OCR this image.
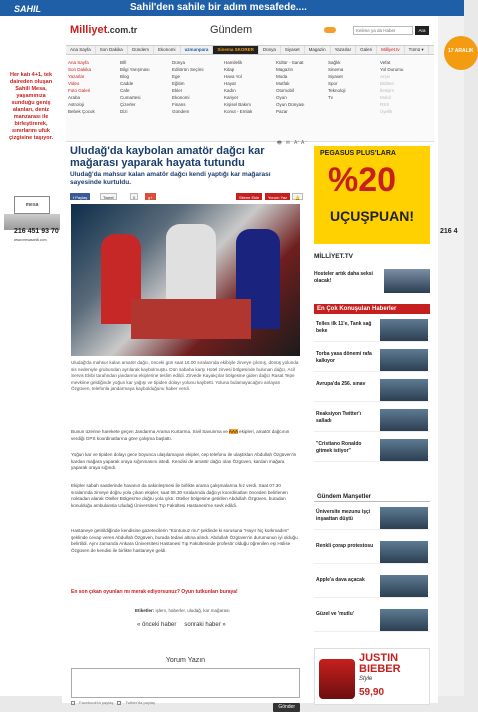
SAHIL	Sahil'den sahile bir adım mesafede....
Her katı 4+1, tek daireden oluşan Sahill Mesa, yaşamınıza sunduğu geniş alanları, deniz manzarası ile birleştirerek, sınırlarını ufuk çizgisine taşıyor.
mesa
216 451 93 70
www.mesasahill.com
17 ARALIK
216 4
Milliyet.com.tr	Gündem
Kelime ya da Haber	Ara
Ana Sayfa	Son Dakika	Gündem	Ekonomi	uzmanpara	Sinema SKORER	Dünya	Siyaset	Magazin	Yazarlar	Galeri	Milliyet.tv	Tümü ▾
Ana Sayfa
Son Dakika
Yazarlar
Video
Foto Galeri
Araba
Astroloji
Bebek Çocuk
Bİlİ
Bilgi Yarışması
Blog
Cadde
Cafe
Cumartesi
Çizerler
Dizi
Dünya
Editörün Seçimi
Ege
Eğitim
Ekler
Ekonomi
Finans
Gündem
Hamilelik
Kitap
Hava Yol
Hayat
Kadın
Kariyer
Kişisel Bakım
Konut - Emlak
Kültür - Sanat
Magazin
Moda
Mutfak
Otomobil
Oyun
Oyun Dünyası
Pazar
Sağlık
Sinema
Siyaset
Spor
Teknoloji
Tv
Vefat
Yol Durumu
Arşiv
Bültten
İletişim
Mobil
RSS
Üyelik
🖶 ✉ A⁺ A⁻
Uludağ'da kaybolan amatör dağcı kar mağarası yaparak hayata tutundu
Uludağ'da mahsur kalan amatör dağcı kendi yaptığı kar mağarası sayesinde kurtuldu.
f Paylaş	Tweet	0	g+	Sitene Ekle	Yorum Yaz	🔔

Uludağ'da mahsur kalan amatör dağcı, önceki gün saat 16.00 sıralarında ekibiyle zirveye çıkmış, dönüş yolunda sis nedeniyle grubundan ayrılarak kaybolmuştu. Dün sabaha karşı Hotel zirvesi bölgesinde bulunan dağcı, Acil Servis Ekibi tarafından jandarma ekiplerine teslim edildi. Zirvede Kayakçılar bölgesine giden dağcı Rasat Tepe mevkiine geldiğinde yoğun kar yağışı ve tipiden dolayı yolunu kaybetti. Yoluna bulamayacağını anlayan Özgüven, telefonla jandarmaya kaybolduğunu haber verdi.

Bunun üzerine harekete geçen Jandarma Arama Kurtarma, Sivil Savunma ve AAA ekipleri, amatör dağcının verdiği GPS koordinatlarına göre çalışma başlattı.

Yoğun kar ve tipiden dolayı gece boyunca ulaşılamayan ekipler, cep telefonu ile ulaştıkları Abdullah Özgüven'in kardan mağara yaparak oraya sığınmasını istedi. Kendisi de amatör dağcı olan Özgüven, kardan mağara yaparak oraya sığındı.

Ekipler sabah saatlerinde havanın da sakinleşmesi ile birlikte arama çalışmalarına hız verdi. Saat 07.30 sıralarında zirveye doğru yola çıkan ekipler, saat 08.30 sıralarında dağcıyı koordinatları önceden belirlenen noktadan alarak Oteller Bölgesi'ne doğru yola çıktı. Oteller bölgesine getirilen Abdullah Özgüven, buradan konulduğu ambulansla Uludağ Üniversitesi Tıp Fakültesi Hastanesi'ne sevk edildi.

Hastaneye getirildiğinde kendisine gazetecilerin "Kontunuz mu" şeklinde ki sorusuna "Hayır hiç korkmadım" şeklinde cevap veren Abdullah Özgüven, burada tedavi altına alındı. Abdullah Özgüven'in durumunun iyi olduğu belirtildi. Aynı zamanda Ankara Üniversitesi Hastanesi Tıp Fakültesinde profesör olduğu öğrenilen eşi Hülise Özgüven de kendisi ile birlikte hastaneye geldi.

En son çıkan oyunları mı merak ediyorsunuz? Oyun tutkunları buraya!
Etiketler: işlem, haberler, uludağ, kar mağarası
« önceki haber sonraki haber »
Yorum Yazın
Facebook'ta paylaş	Twitter'da paylaş
Gönder
PEGASUS PLUS'LARA
%20
UÇUŞPUAN!
MİLLİYET.TV
Hosteler artık daha seksi olacak!
En Çok Konuşulan Haberler
Telles ilk 11'e, Tank sağ beke
Torba yasa dönemi rafa kalkıyor
Avrupa'da 256. sınav
Reaksiyon Twitter'ı salladı
"Cristiano Ronaldo gitmek istiyor"
Gündem Manşetler
Üniversite mezunu işçi inşaattan düştü
Renkli çorap protestosu
Apple'a dava açacak
Güzel ve 'mutlu'
JUSTIN BIEBER
Style
59,90
